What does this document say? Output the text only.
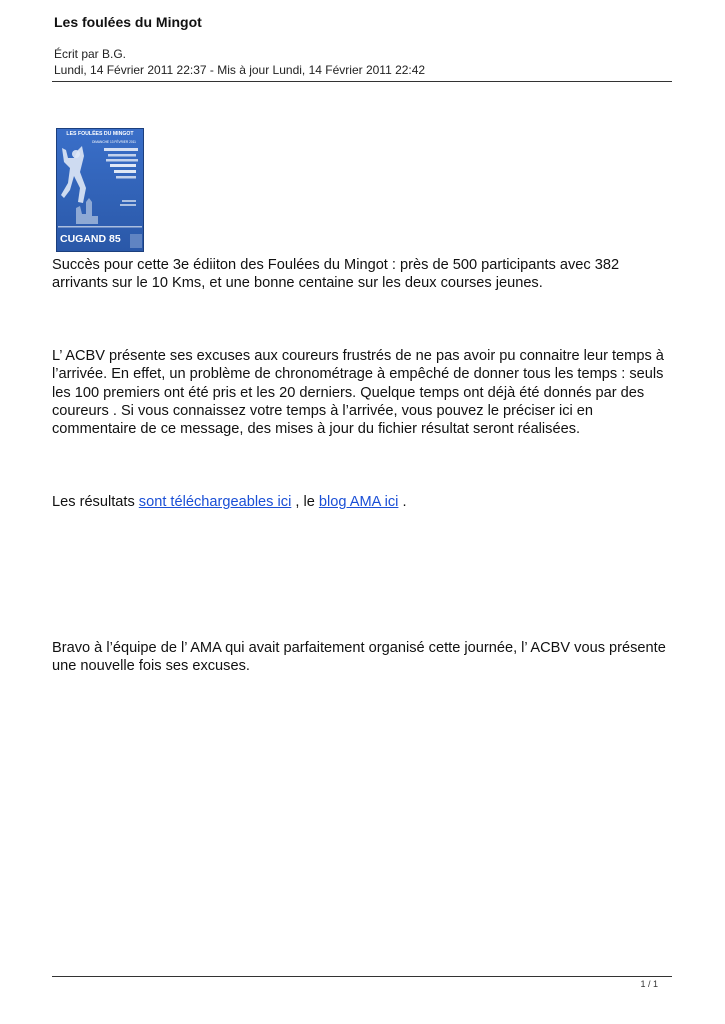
Les foulées du Mingot
Écrit par B.G.
Lundi, 14 Février 2011 22:37 - Mis à jour Lundi, 14 Février 2011 22:42
LES FOULÉES DU MINGOT
DIMANCHE 13 FÉVRIER 2011
CUGAND 85
Succès pour cette 3e édiiton des Foulées du Mingot : près de 500 participants avec 382 arrivants sur le 10 Kms, et une bonne centaine sur les deux courses jeunes.
L’ ACBV présente ses excuses aux coureurs frustrés de ne pas avoir pu connaitre leur temps à l’arrivée. En effet, un problème de chronométrage à empêché de donner tous les temps : seuls les 100 premiers ont été pris et les 20 derniers. Quelque temps ont déjà été donnés par des coureurs . Si vous connaissez votre temps à l’arrivée, vous pouvez le préciser ici en commentaire de ce message, des mises à jour du fichier résultat seront réalisées.
Les résultats sont téléchargeables ici , le blog AMA ici .
Bravo à l’équipe de l’ AMA qui avait parfaitement organisé cette journée, l’ ACBV vous présente une nouvelle fois ses excuses.
1 / 1
